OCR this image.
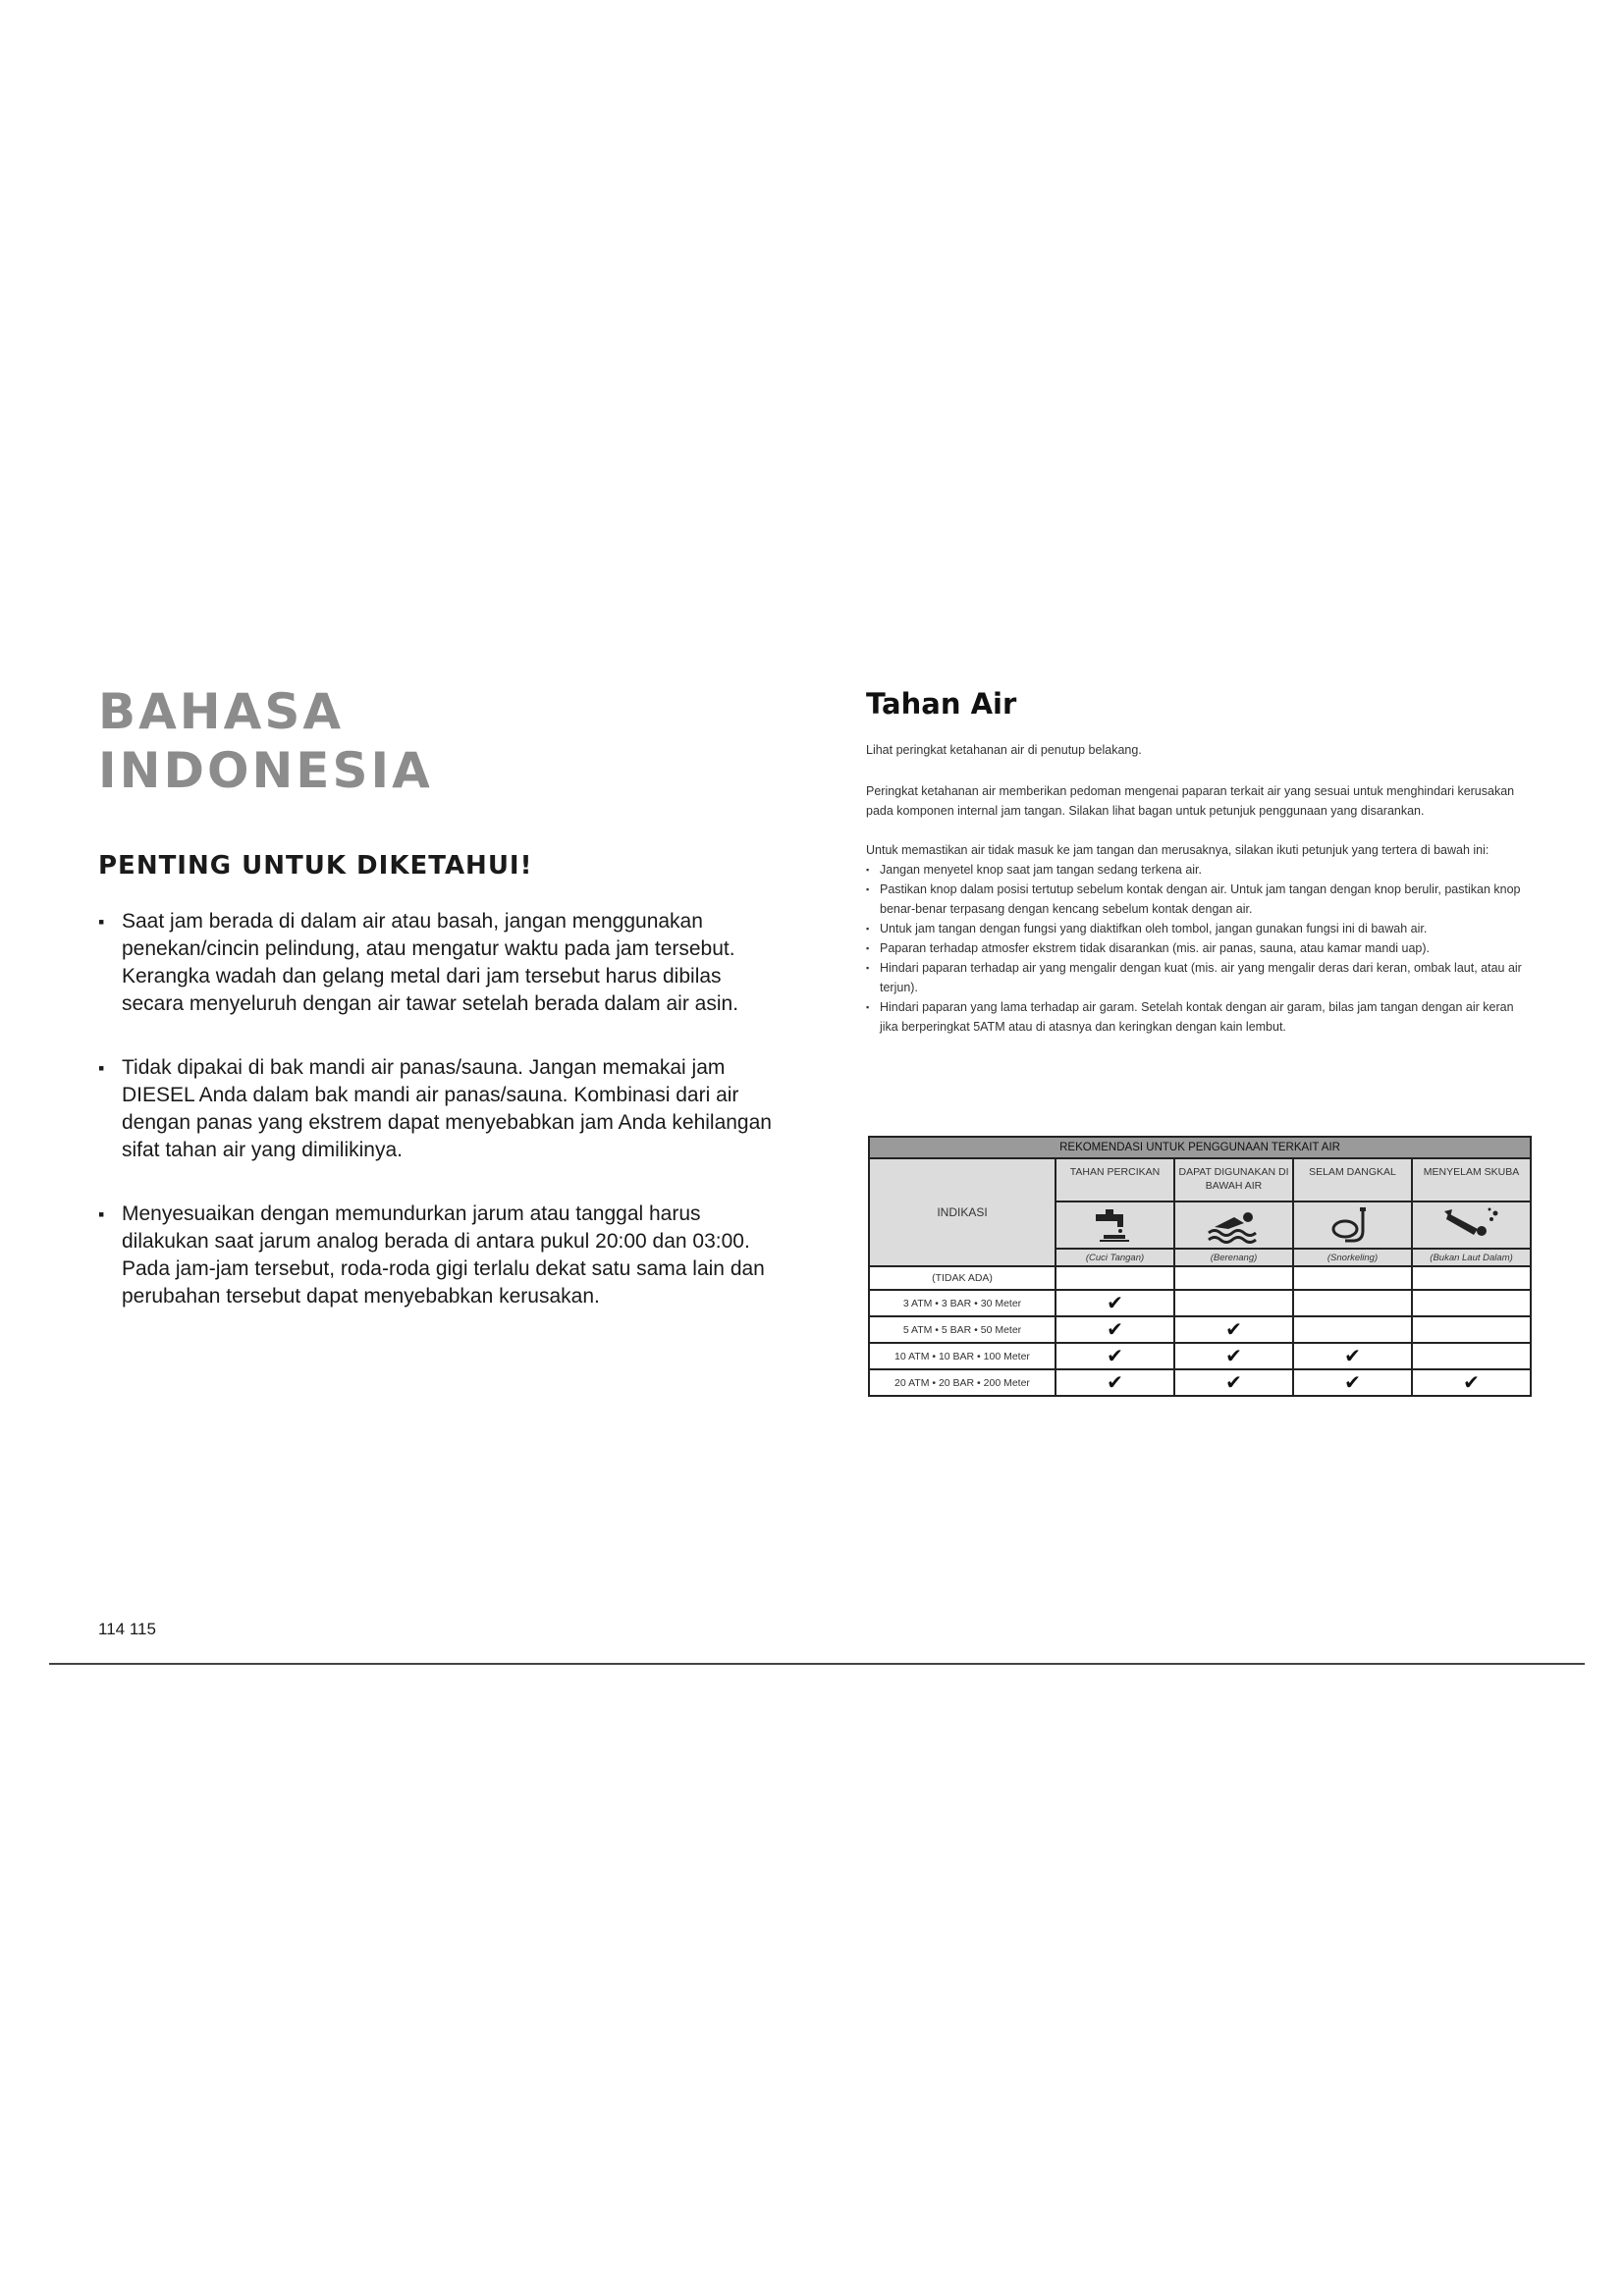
BAHASA
INDONESIA
PENTING UNTUK DIKETAHUI!
▪ Saat jam berada di dalam air atau basah, jangan menggunakan penekan/cincin pelindung, atau mengatur waktu pada jam tersebut. Kerangka wadah dan gelang metal dari jam tersebut harus dibilas secara menyeluruh dengan air tawar setelah berada dalam air asin.
▪ Tidak dipakai di bak mandi air panas/sauna. Jangan memakai jam DIESEL Anda dalam bak mandi air panas/sauna. Kombinasi dari air dengan panas yang ekstrem dapat menyebabkan jam Anda kehilangan sifat tahan air yang dimilikinya.
▪ Menyesuaikan dengan memundurkan jarum atau tanggal harus dilakukan saat jarum analog berada di antara pukul 20:00 dan 03:00. Pada jam-jam tersebut, roda-roda gigi terlalu dekat satu sama lain dan perubahan tersebut dapat menyebabkan kerusakan.
Tahan Air

Lihat peringkat ketahanan air di penutup belakang.

Peringkat ketahanan air memberikan pedoman mengenai paparan terkait air yang sesuai untuk menghindari kerusakan pada komponen internal jam tangan. Silakan lihat bagan untuk petunjuk penggunaan yang disarankan.

Untuk memastikan air tidak masuk ke jam tangan dan merusaknya, silakan ikuti petunjuk yang tertera di bawah ini:

▪ Jangan menyetel knop saat jam tangan sedang terkena air.
▪ Pastikan knop dalam posisi tertutup sebelum kontak dengan air. Untuk jam tangan dengan knop berulir, pastikan knop benar-benar terpasang dengan kencang sebelum kontak dengan air.
▪ Untuk jam tangan dengan fungsi yang diaktifkan oleh tombol, jangan gunakan fungsi ini di bawah air.
▪ Paparan terhadap atmosfer ekstrem tidak disarankan (mis. air panas, sauna, atau kamar mandi uap).
▪ Hindari paparan terhadap air yang mengalir dengan kuat (mis. air yang mengalir deras dari keran, ombak laut, atau air terjun).
▪ Hindari paparan yang lama terhadap air garam. Setelah kontak dengan air garam, bilas jam tangan dengan air keran jika berperingkat 5ATM atau di atasnya dan keringkan dengan kain lembut.
REKOMENDASI UNTUK PENGGUNAAN TERKAIT AIR				
INDIKASI	TAHAN PERCIKAN	DAPAT DIGUNAKAN DI BAWAH AIR	SELAM DANGKAL	MENYELAM SKUBA

	(Cuci Tangan)	(Berenang)	(Snorkeling)	(Bukan Laut Dalam)
(TIDAK ADA)				
3 ATM • 3 BAR • 30 Meter	✔			
5 ATM • 5 BAR • 50 Meter	✔	✔		
10 ATM • 10 BAR • 100 Meter	✔	✔	✔	
20 ATM • 20 BAR • 200 Meter	✔	✔	✔	✔
114 115
